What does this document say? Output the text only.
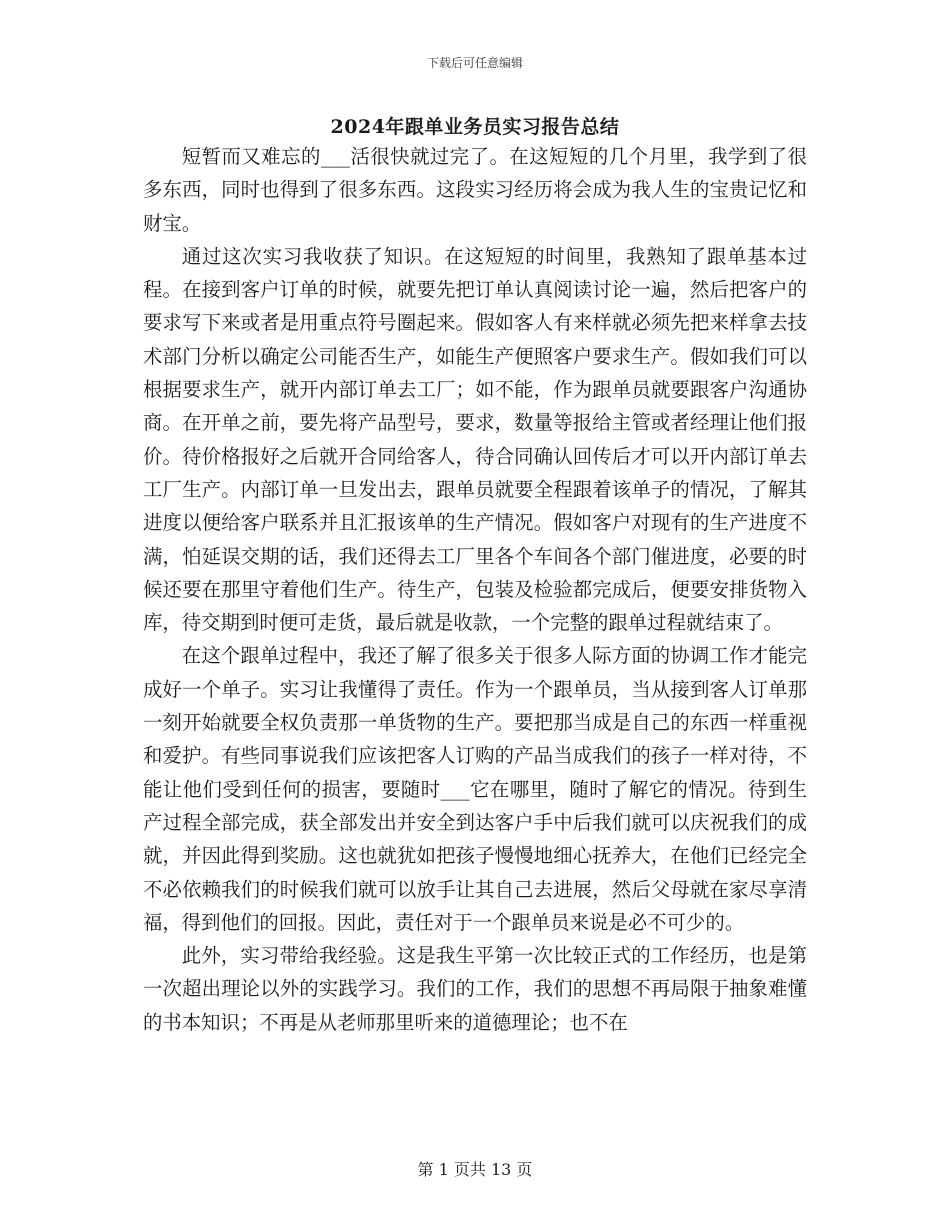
下载后可任意编辑
2024年跟单业务员实习报告总结

短暂而又难忘的___活很快就过完了。在这短短的几个月里，我学到了很多东西，同时也得到了很多东西。这段实习经历将会成为我人生的宝贵记忆和财宝。

通过这次实习我收获了知识。在这短短的时间里，我熟知了跟单基本过程。在接到客户订单的时候，就要先把订单认真阅读讨论一遍，然后把客户的要求写下来或者是用重点符号圈起来。假如客人有来样就必须先把来样拿去技术部门分析以确定公司能否生产，如能生产便照客户要求生产。假如我们可以根据要求生产，就开内部订单去工厂；如不能，作为跟单员就要跟客户沟通协商。在开单之前，要先将产品型号，要求，数量等报给主管或者经理让他们报价。待价格报好之后就开合同给客人，待合同确认回传后才可以开内部订单去工厂生产。内部订单一旦发出去，跟单员就要全程跟着该单子的情况，了解其进度以便给客户联系并且汇报该单的生产情况。假如客户对现有的生产进度不满，怕延误交期的话，我们还得去工厂里各个车间各个部门催进度，必要的时候还要在那里守着他们生产。待生产，包装及检验都完成后，便要安排货物入库，待交期到时便可走货，最后就是收款，一个完整的跟单过程就结束了。

在这个跟单过程中，我还了解了很多关于很多人际方面的协调工作才能完成好一个单子。实习让我懂得了责任。作为一个跟单员，当从接到客人订单那一刻开始就要全权负责那一单货物的生产。要把那当成是自己的东西一样重视和爱护。有些同事说我们应该把客人订购的产品当成我们的孩子一样对待，不能让他们受到任何的损害，要随时___它在哪里，随时了解它的情况。待到生产过程全部完成，获全部发出并安全到达客户手中后我们就可以庆祝我们的成就，并因此得到奖励。这也就犹如把孩子慢慢地细心抚养大，在他们已经完全不必依赖我们的时候我们就可以放手让其自己去进展，然后父母就在家尽享清福，得到他们的回报。因此，责任对于一个跟单员来说是必不可少的。

此外，实习带给我经验。这是我生平第一次比较正式的工作经历，也是第一次超出理论以外的实践学习。我们的工作，我们的思想不再局限于抽象难懂的书本知识；不再是从老师那里听来的道德理论；也不在

第 1 页共 13 页
